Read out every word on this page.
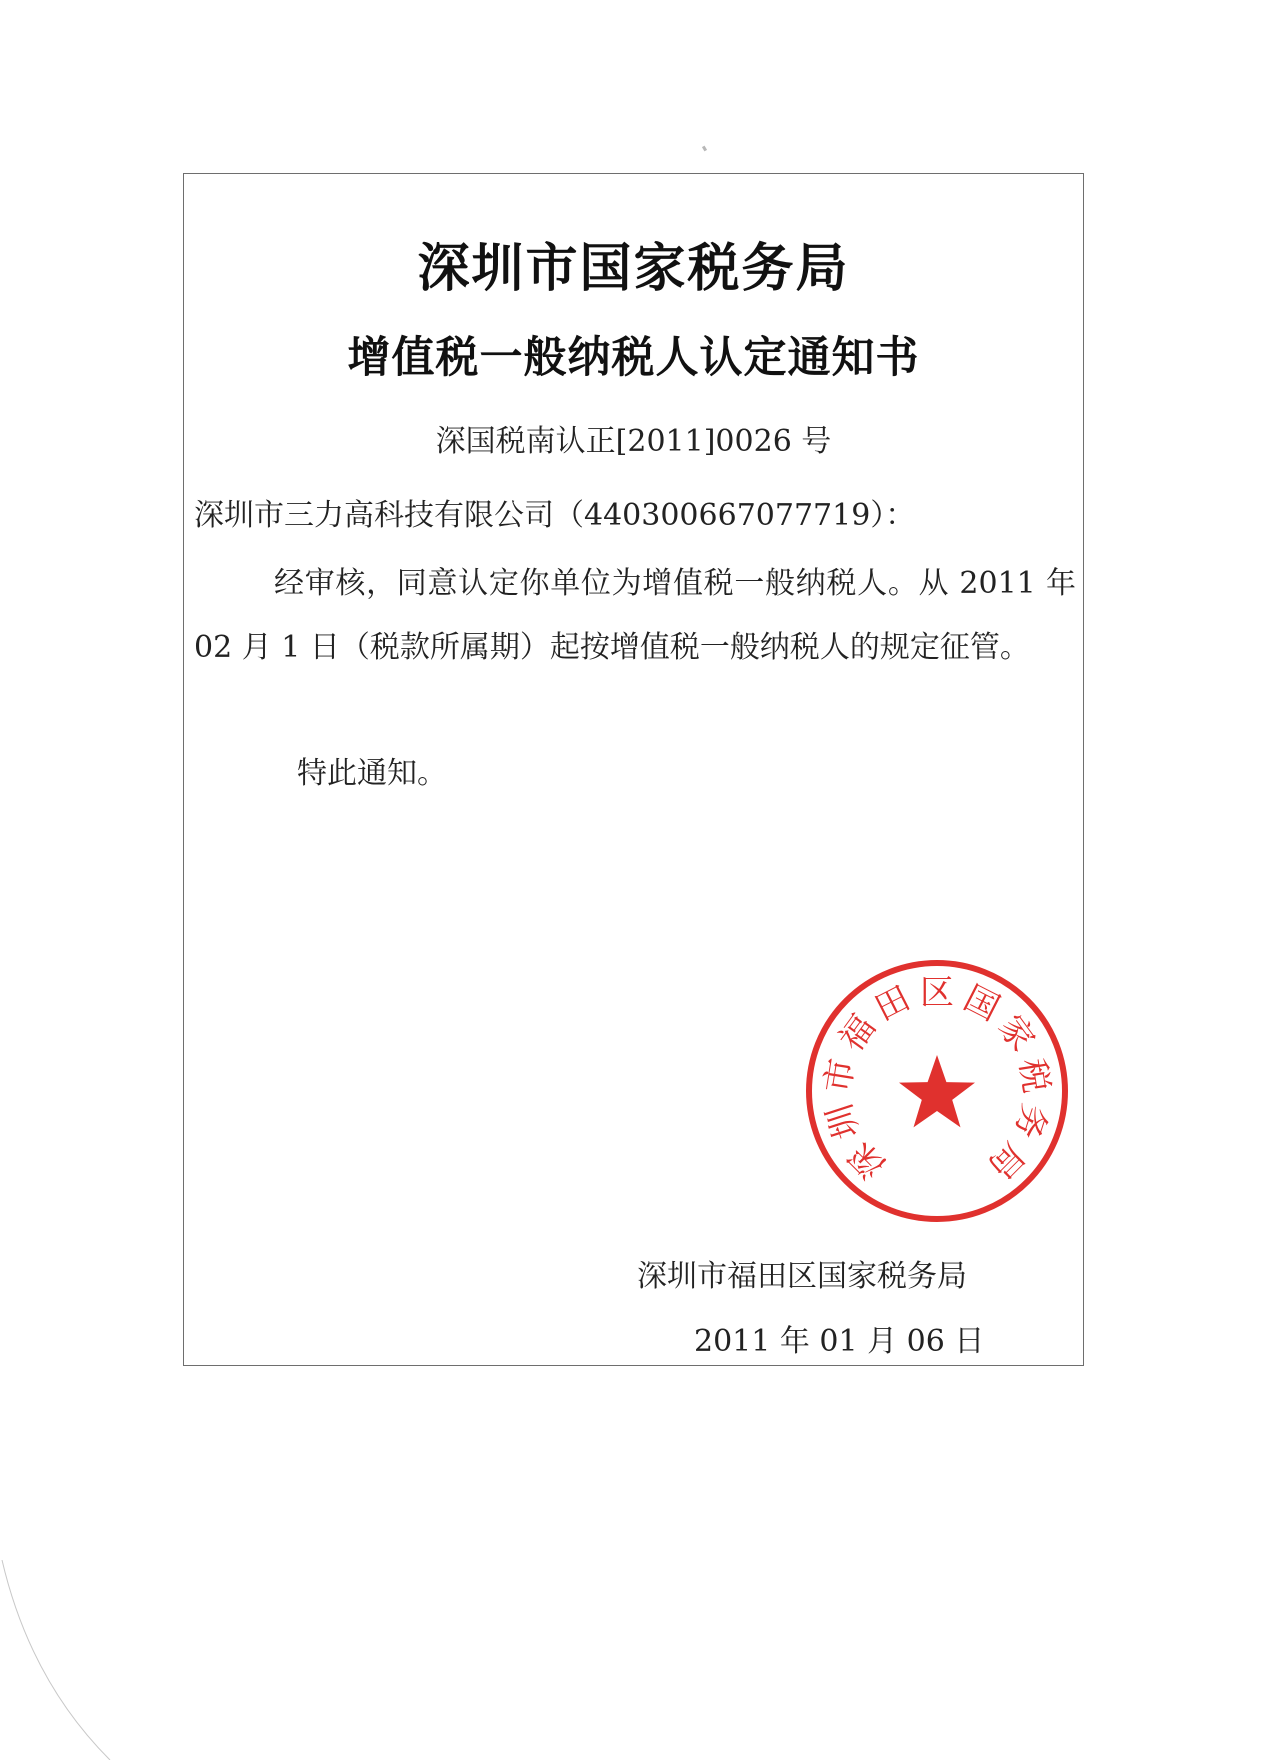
深圳市国家税务局
增值税一般纳税人认定通知书
深国税南认正[2011]0026 号
深圳市三力高科技有限公司（440300667077719）：

经审核，同意认定你单位为增值税一般纳税人。从 2011 年 02 月 1 日（税款所属期）起按增值税一般纳税人的规定征管。

特此通知。
深
圳
市
福
田 区 国
家
税
务
局
深圳市福田区国家税务局
2011 年 01 月 06 日
